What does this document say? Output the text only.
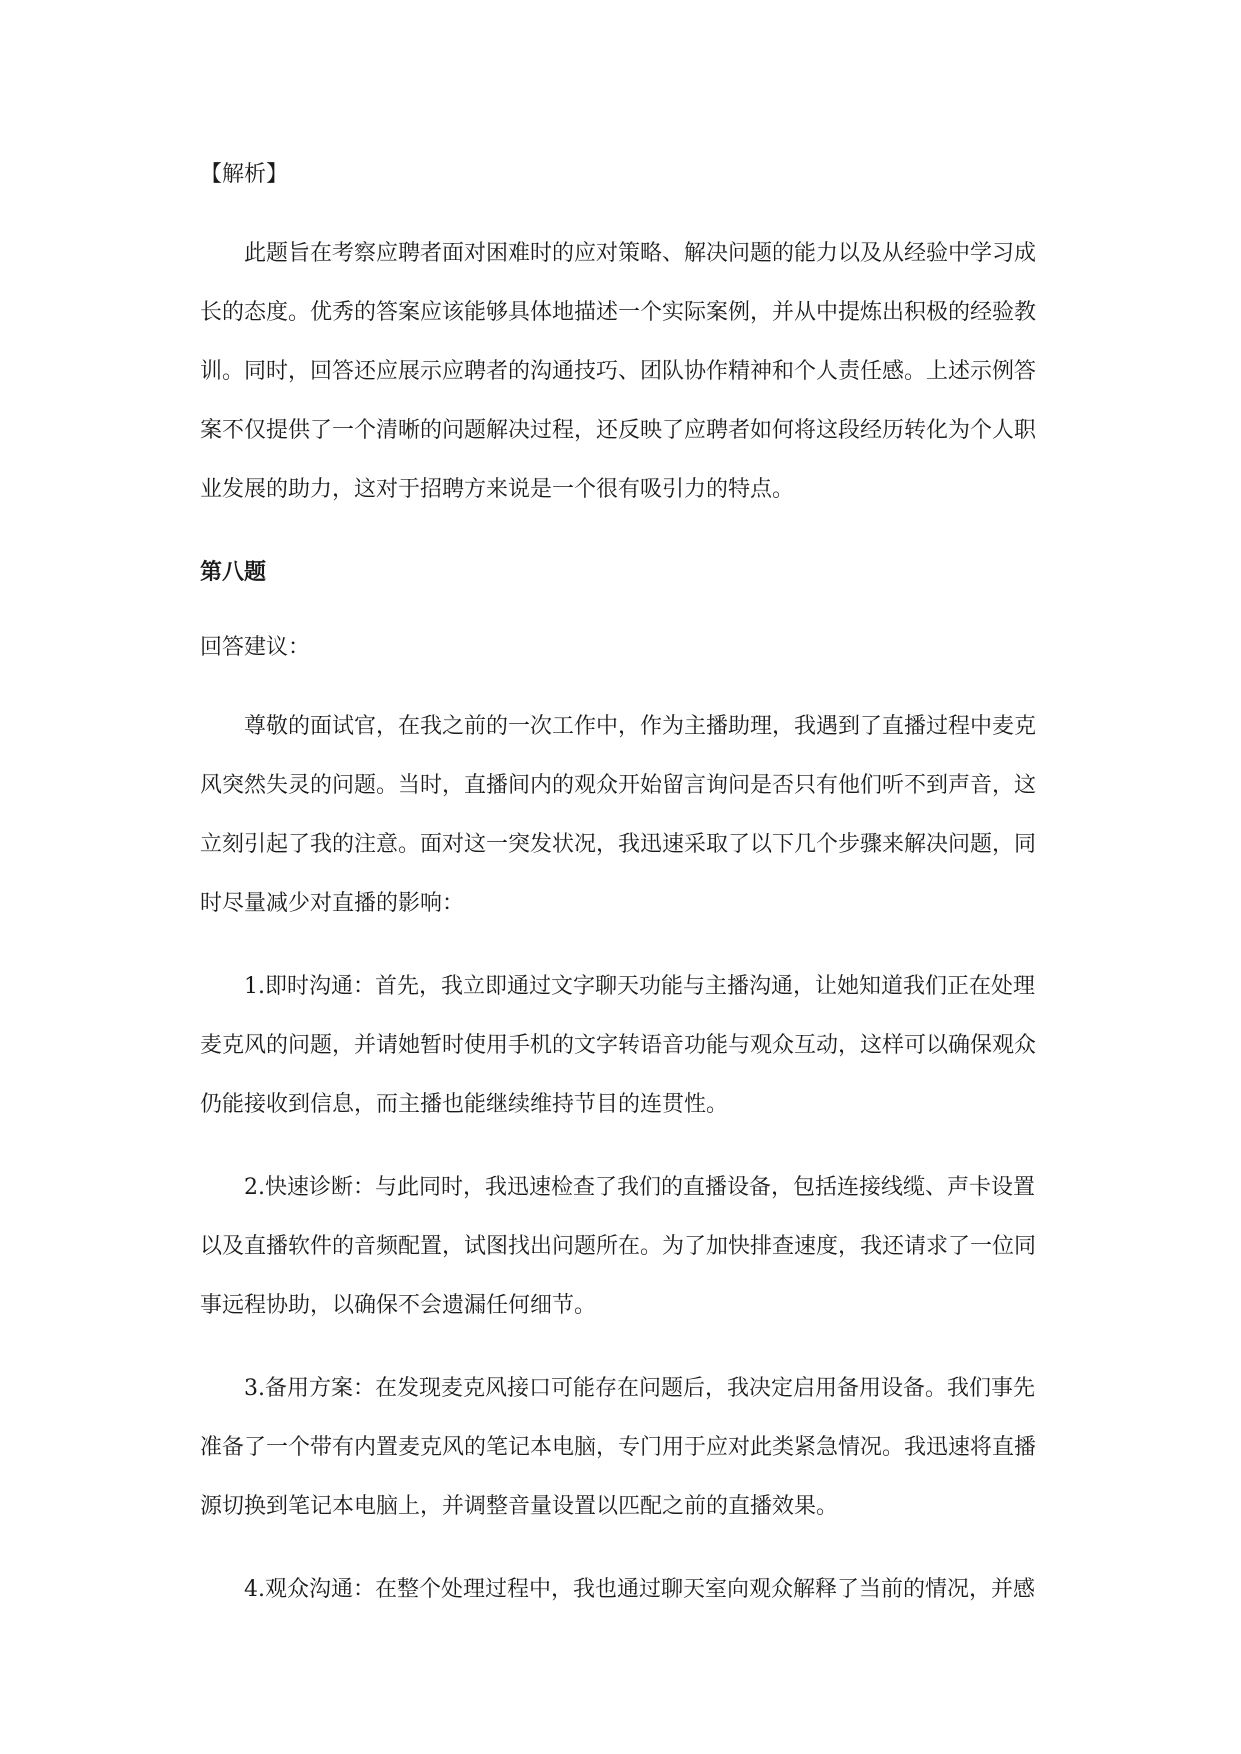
【解析】
此题旨在考察应聘者面对困难时的应对策略、解决问题的能力以及从经验中学习成
长的态度。优秀的答案应该能够具体地描述一个实际案例，并从中提炼出积极的经验教
训。同时，回答还应展示应聘者的沟通技巧、团队协作精神和个人责任感。上述示例答
案不仅提供了一个清晰的问题解决过程，还反映了应聘者如何将这段经历转化为个人职
业发展的助力，这对于招聘方来说是一个很有吸引力的特点。
第八题
回答建议：
尊敬的面试官，在我之前的一次工作中，作为主播助理，我遇到了直播过程中麦克
风突然失灵的问题。当时，直播间内的观众开始留言询问是否只有他们听不到声音，这
立刻引起了我的注意。面对这一突发状况，我迅速采取了以下几个步骤来解决问题，同
时尽量减少对直播的影响：
1.即时沟通：首先，我立即通过文字聊天功能与主播沟通，让她知道我们正在处理
麦克风的问题，并请她暂时使用手机的文字转语音功能与观众互动，这样可以确保观众
仍能接收到信息，而主播也能继续维持节目的连贯性。
2.快速诊断：与此同时，我迅速检查了我们的直播设备，包括连接线缆、声卡设置
以及直播软件的音频配置，试图找出问题所在。为了加快排查速度，我还请求了一位同
事远程协助，以确保不会遗漏任何细节。
3.备用方案：在发现麦克风接口可能存在问题后，我决定启用备用设备。我们事先
准备了一个带有内置麦克风的笔记本电脑，专门用于应对此类紧急情况。我迅速将直播
源切换到笔记本电脑上，并调整音量设置以匹配之前的直播效果。
4.观众沟通：在整个处理过程中，我也通过聊天室向观众解释了当前的情况，并感
